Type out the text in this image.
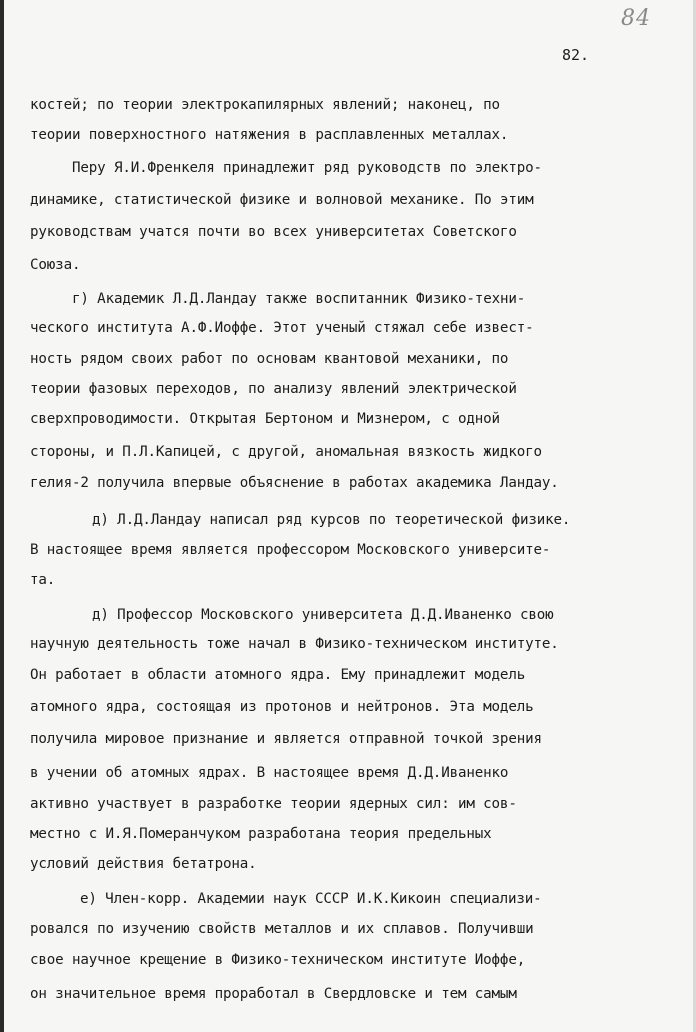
84
82.
костей; по теории электрокапилярных явлений; наконец, по
теории поверхностного натяжения в расплавленных металлах.
Перу Я.И.Френкеля принадлежит ряд руководств по электро-
динамике, статистической физике и волновой механике. По этим
руководствам учатся почти во всех университетах Советского
Союза.
г) Академик Л.Д.Ландау также воспитанник Физико-техни-
ческого института А.Ф.Иоффе. Этот ученый стяжал себе извест-
ность рядом своих работ по основам квантовой механики, по
теории фазовых переходов, по анализу явлений электрической
сверхпроводимости. Открытая Бертоном и Мизнером, с одной
стороны, и П.Л.Капицей, с другой, аномальная вязкость жидкого
гелия-2 получила впервые объяснение в работах академика Ландау.
д) Л.Д.Ландау написал ряд курсов по теоретической физике.
В настоящее время является профессором Московского университе-
та.
д) Профессор Московского университета Д.Д.Иваненко свою
научную деятельность тоже начал в Физико-техническом институте.
Он работает в области атомного ядра. Ему принадлежит модель
атомного ядра, состоящая из протонов и нейтронов. Эта модель
получила мировое признание и является отправной точкой зрения
в учении об атомных ядрах. В настоящее время Д.Д.Иваненко
активно участвует в разработке теории ядерных сил: им сов-
местно с И.Я.Померанчуком разработана теория предельных
условий действия бетатрона.
е) Член-корр. Академии наук СССР И.К.Кикоин специализи-
ровался по изучению свойств металлов и их сплавов. Получивши
свое научное крещение в Физико-техническом институте Иоффе,
он значительное время проработал в Свердловске и тем самым
